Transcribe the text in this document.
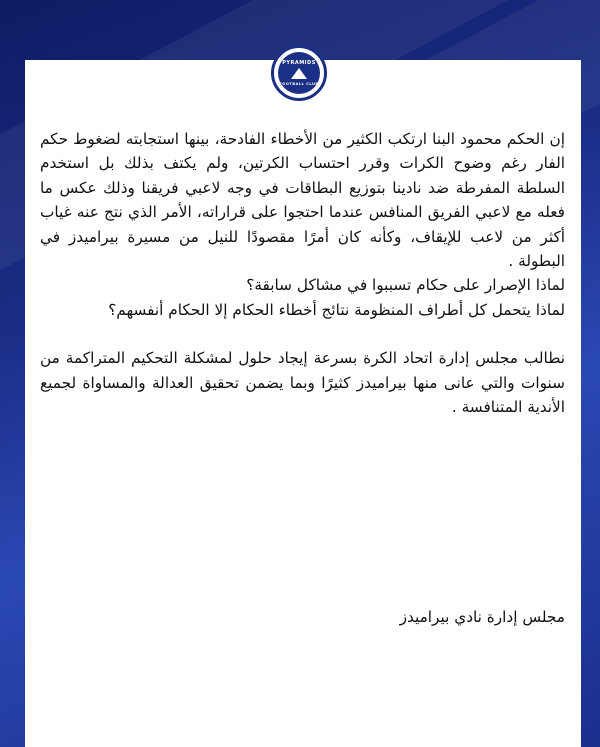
PYRAMIDS
FOOTBALL CLUB

إن الحكم محمود البنا ارتكب الكثير من الأخطاء الفادحة، بينها استجابته لضغوط حكم الفار رغم وضوح الكرات وقرر احتساب الكرتين، ولم يكتف بذلك بل استخدم السلطة المفرطة ضد نادينا بتوزيع البطاقات في وجه لاعبي فريقنا وذلك عكس ما فعله مع لاعبي الفريق المنافس عندما احتجوا على قراراته، الأمر الذي نتج عنه غياب أكثر من لاعب للإيقاف، وكأنه كان أمرًا مقصودًا للنيل من مسيرة بيراميدز في البطولة .

لماذا الإصرار على حكام تسببوا في مشاكل سابقة؟

لماذا يتحمل كل أطراف المنظومة نتائج أخطاء الحكام إلا الحكام أنفسهم؟

نطالب مجلس إدارة اتحاد الكرة بسرعة إيجاد حلول لمشكلة التحكيم المتراكمة من سنوات والتي عانى منها بيراميدز كثيرًا وبما يضمن تحقيق العدالة والمساواة لجميع الأندية المتنافسة .

مجلس إدارة نادي بيراميدز
